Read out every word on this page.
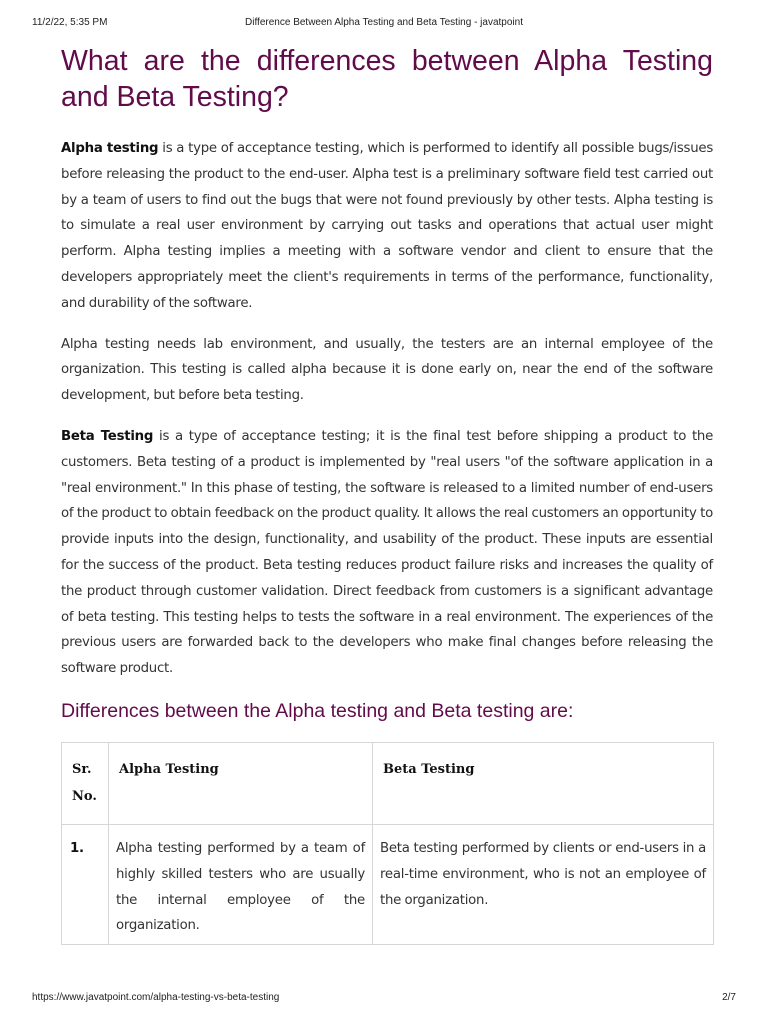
11/2/22, 5:35 PM	Difference Between Alpha Testing and Beta Testing - javatpoint
What are the differences between Alpha Testing and Beta Testing?

Alpha testing is a type of acceptance testing, which is performed to identify all possible bugs/issues before releasing the product to the end-user. Alpha test is a preliminary software field test carried out by a team of users to find out the bugs that were not found previously by other tests. Alpha testing is to simulate a real user environment by carrying out tasks and operations that actual user might perform. Alpha testing implies a meeting with a software vendor and client to ensure that the developers appropriately meet the client's requirements in terms of the performance, functionality, and durability of the software.

Alpha testing needs lab environment, and usually, the testers are an internal employee of the organization. This testing is called alpha because it is done early on, near the end of the software development, but before beta testing.

Beta Testing is a type of acceptance testing; it is the final test before shipping a product to the customers. Beta testing of a product is implemented by "real users "of the software application in a "real environment." In this phase of testing, the software is released to a limited number of end-users of the product to obtain feedback on the product quality. It allows the real customers an opportunity to provide inputs into the design, functionality, and usability of the product. These inputs are essential for the success of the product. Beta testing reduces product failure risks and increases the quality of the product through customer validation. Direct feedback from customers is a significant advantage of beta testing. This testing helps to tests the software in a real environment. The experiences of the previous users are forwarded back to the developers who make final changes before releasing the software product.

Differences between the Alpha testing and Beta testing are:
Sr. No.	Alpha Testing	Beta Testing
1.	Alpha testing performed by a team of highly skilled testers who are usually the internal employee of the organization.	Beta testing performed by clients or end-users in a real-time environment, who is not an employee of the organization.
https://www.javatpoint.com/alpha-testing-vs-beta-testing	2/7
